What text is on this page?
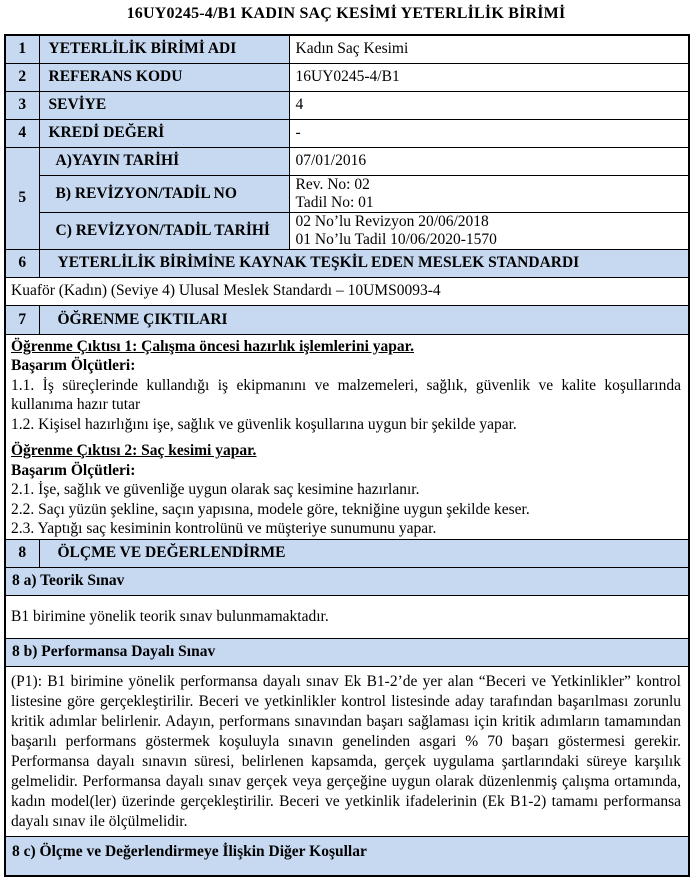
16UY0245-4/B1 KADIN SAÇ KESİMİ YETERLİLİK BİRİMİ
1	YETERLİLİK BİRİMİ ADI	Kadın Saç Kesimi
2	REFERANS KODU	16UY0245-4/B1
3	SEVİYE	4
4	KREDİ DEĞERİ	-
5	A)YAYIN TARİHİ	07/01/2016
	B) REVİZYON/TADİL NO	Rev. No: 02
Tadil No: 01

	C) REVİZYON/TADİL TARİHİ	02 No’lu Revizyon 20/06/2018
01 No’lu Tadil 10/06/2020-1570

6	YETERLİLİK BİRİMİNE KAYNAK TEŞKİL EDEN MESLEK STANDARDI	
Kuaför (Kadın) (Seviye 4) Ulusal Meslek Standardı – 10UMS0093-4		
7	ÖĞRENME ÇIKTILARI	

Öğrenme Çıktısı 1: Çalışma öncesi hazırlık işlemlerini yapar.
Başarım Ölçütleri:
1.1. İş süreçlerinde kullandığı iş ekipmanını ve malzemeleri, sağlık, güvenlik ve kalite koşullarında kullanıma hazır tutar
1.2. Kişisel hazırlığını işe, sağlık ve güvenlik koşullarına uygun bir şekilde yapar.
Öğrenme Çıktısı 2: Saç kesimi yapar.
Başarım Ölçütleri:
2.1. İşe, sağlık ve güvenliğe uygun olarak saç kesimine hazırlanır.
2.2. Saçı yüzün şekline, saçın yapısına, modele göre, tekniğine uygun şekilde keser.
2.3. Yaptığı saç kesiminin kontrolünü ve müşteriye sunumunu yapar.

8	ÖLÇME VE DEĞERLENDİRME	
8 a) Teorik Sınav		
B1 birimine yönelik teorik sınav bulunmamaktadır.		
8 b) Performansa Dayalı Sınav		
(P1): B1 birimine yönelik performansa dayalı sınav Ek B1-2’de yer alan “Beceri ve Yetkinlikler” kontrol listesine göre gerçekleştirilir. Beceri ve yetkinlikler kontrol listesinde aday tarafından başarılması zorunlu kritik adımlar belirlenir. Adayın, performans sınavından başarı sağlaması için kritik adımların tamamından başarılı performans göstermek koşuluyla sınavın genelinden asgari % 70 başarı göstermesi gerekir. Performansa dayalı sınavın süresi, belirlenen kapsamda, gerçek uygulama şartlarındaki süreye karşılık gelmelidir. Performansa dayalı sınav gerçek veya gerçeğine uygun olarak düzenlenmiş çalışma ortamında, kadın model(ler) üzerinde gerçekleştirilir. Beceri ve yetkinlik ifadelerinin (Ek B1-2) tamamı performansa dayalı sınav ile ölçülmelidir.		
8 c) Ölçme ve Değerlendirmeye İlişkin Diğer Koşullar		
